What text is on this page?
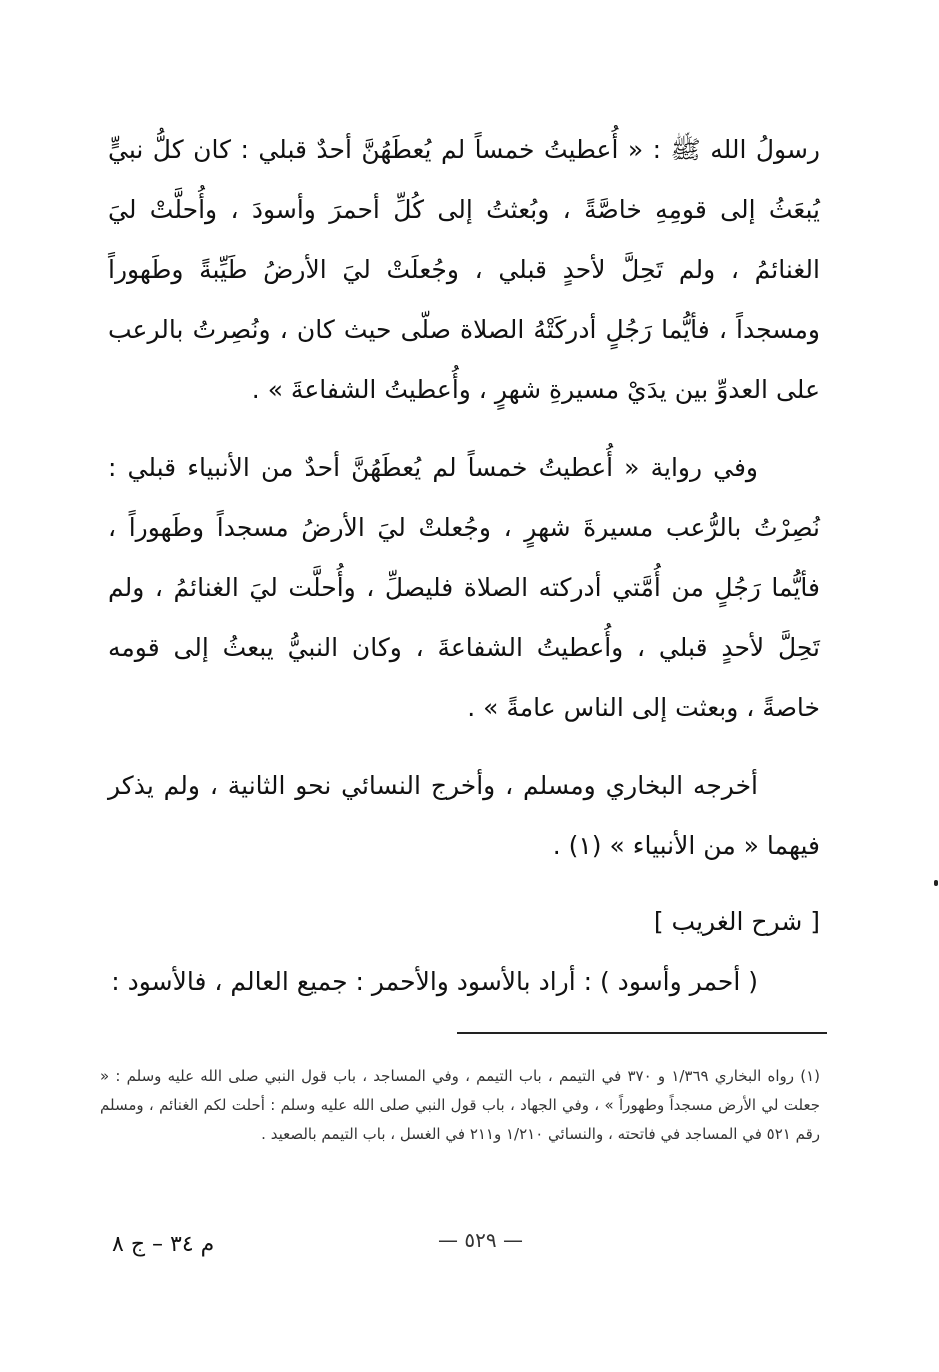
رسولُ الله ﷺ : « أُعطيتُ خمساً لم يُعطَهُنَّ أحدٌ قبلي : كان كلُّ نبيٍّ يُبعَثُ إلى قومِهِ خاصَّةً ، وبُعثتُ إلى كُلِّ أحمرَ وأسودَ ، وأُحلَّتْ ليَ الغنائمُ ، ولم تَحِلَّ لأحدٍ قبلي ، وجُعلَتْ ليَ الأرضُ طَيِّبةً وطَهوراً ومسجداً ، فأيُّما رَجُلٍ أدركَتْهُ الصلاة صلّى حيث كان ، ونُصِرتُ بالرعب على العدوِّ بين يدَيْ مسيرةِ شهرٍ ، وأُعطيتُ الشفاعةَ » .

وفي رواية « أُعطيتُ خمساً لم يُعطَهُنَّ أحدٌ من الأنبياء قبلي : نُصِرْتُ بالرُّعب مسيرةَ شهرٍ ، وجُعلتْ ليَ الأرضُ مسجداً وطَهوراً ، فأيُّما رَجُلٍ من أُمَّتي أدركته الصلاة فليصلِّ ، وأُحلَّت ليَ الغنائمُ ، ولم تَحِلَّ لأحدٍ قبلي ، وأُعطيتُ الشفاعةَ ، وكان النبيُّ يبعثُ إلى قومه خاصةً ، وبعثت إلى الناس عامةً » .

أخرجه البخاري ومسلم ، وأخرج النسائي نحو الثانية ، ولم يذكر فيهما « من الأنبياء » (١) .

[ شرح الغريب ]

( أحمر وأسود ) : أراد بالأسود والأحمر : جميع العالم ، فالأسود :

(١) رواه البخاري ١/٣٦٩ و ٣٧٠ في التيمم ، باب التيمم ، وفي المساجد ، باب قول النبي صلى الله عليه وسلم : « جعلت لي الأرض مسجداً وطهوراً » ، وفي الجهاد ، باب قول النبي صلى الله عليه وسلم : أحلت لكم الغنائم ، ومسلم رقم ٥٢١ في المساجد في فاتحته ، والنسائي ١/٢١٠ و٢١١ في الغسل ، باب التيمم بالصعيد .
— ٥٢٩ —
م ٣٤ – ج ٨
